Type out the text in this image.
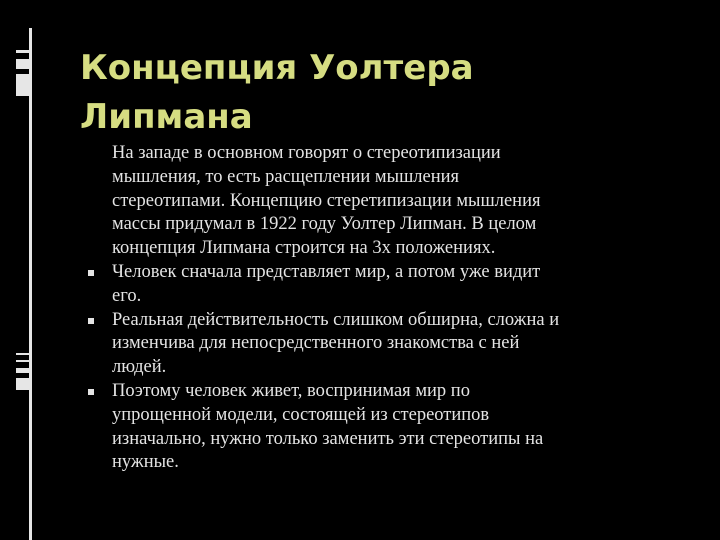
Концепция Уолтера
Липмана

На западе в основном говорят о стереотипизации
мышления, то есть расщеплении мышления
стереотипами. Концепцию стеретипизации мышления
массы придумал в 1922 году Уолтер Липман. В целом
концепция Липмана строится на 3х положениях.

Человек сначала представляет мир, а потом уже видит
его.
Реальная действительность слишком обширна, сложна и
изменчива для непосредственного знакомства с ней
людей.
Поэтому человек живет, воспринимая мир по
упрощенной модели, состоящей из стереотипов
изначально, нужно только заменить эти стереотипы на
нужные.
